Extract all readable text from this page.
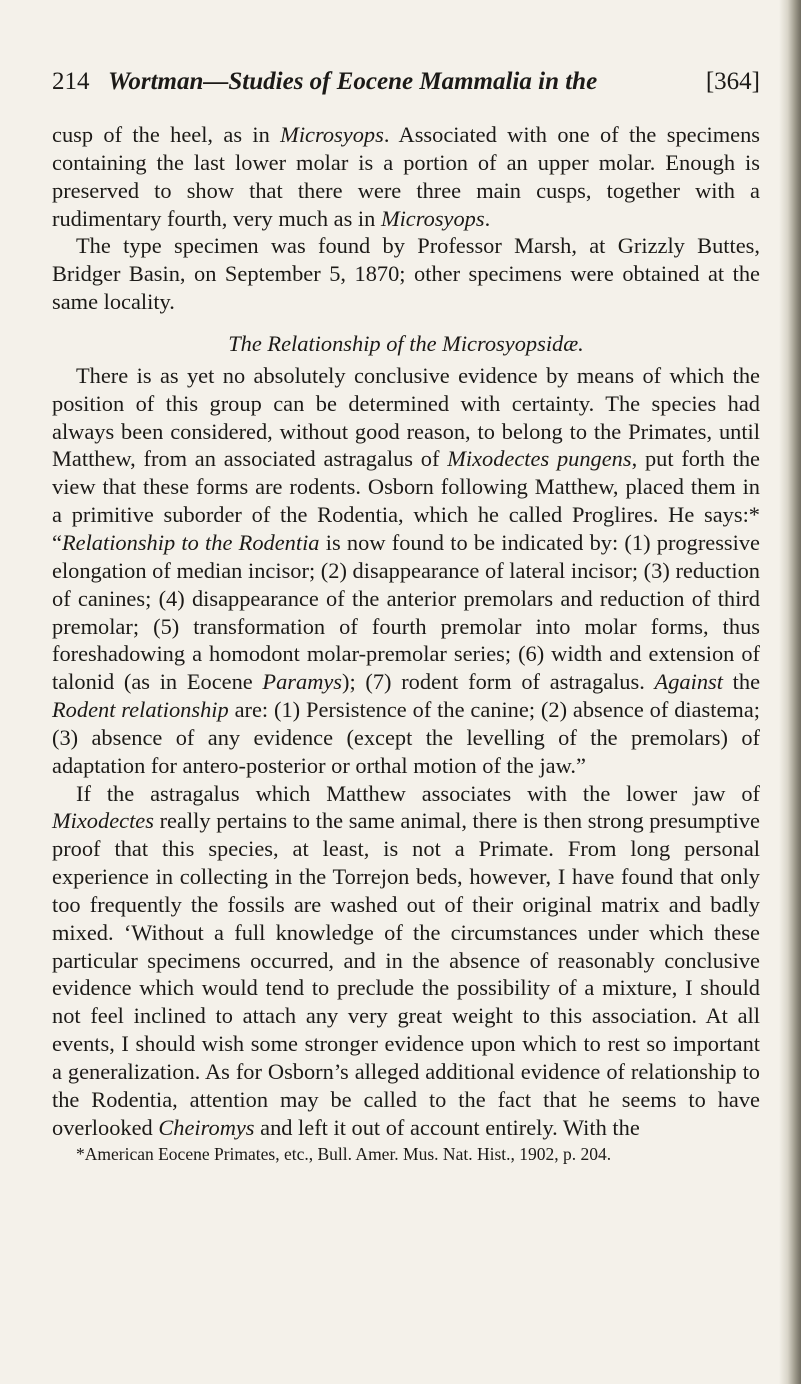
214 Wortman—Studies of Eocene Mammalia in the	[364]

cusp of the heel, as in Microsyops. Associated with one of the specimens containing the last lower molar is a portion of an upper molar. Enough is preserved to show that there were three main cusps, together with a rudimentary fourth, very much as in Microsyops.

The type specimen was found by Professor Marsh, at Grizzly Buttes, Bridger Basin, on September 5, 1870; other specimens were obtained at the same locality.

The Relationship of the Microsyopsidæ.

There is as yet no absolutely conclusive evidence by means of which the position of this group can be determined with certainty. The species had always been considered, without good reason, to belong to the Primates, until Matthew, from an associated astragalus of Mixodectes pungens, put forth the view that these forms are rodents. Osborn following Matthew, placed them in a primitive suborder of the Rodentia, which he called Proglires. He says:* “Relationship to the Rodentia is now found to be indicated by: (1) progressive elongation of median incisor; (2) disappearance of lateral incisor; (3) reduction of canines; (4) disappearance of the anterior premolars and reduction of third premolar; (5) transformation of fourth premolar into molar forms, thus foreshadowing a homodont molar-premolar series; (6) width and extension of talonid (as in Eocene Paramys); (7) rodent form of astragalus. Against the Rodent relationship are: (1) Persistence of the canine; (2) absence of diastema; (3) absence of any evidence (except the levelling of the premolars) of adaptation for antero-posterior or orthal motion of the jaw.”

If the astragalus which Matthew associates with the lower jaw of Mixodectes really pertains to the same animal, there is then strong presumptive proof that this species, at least, is not a Primate. From long personal experience in collecting in the Torrejon beds, however, I have found that only too frequently the fossils are washed out of their original matrix and badly mixed. ‘Without a full knowledge of the circumstances under which these particular specimens occurred, and in the absence of reasonably conclusive evidence which would tend to preclude the possibility of a mixture, I should not feel inclined to attach any very great weight to this association. At all events, I should wish some stronger evidence upon which to rest so important a generalization. As for Osborn’s alleged additional evidence of relationship to the Rodentia, attention may be called to the fact that he seems to have overlooked Cheiromys and left it out of account entirely. With the

*American Eocene Primates, etc., Bull. Amer. Mus. Nat. Hist., 1902, p. 204.
